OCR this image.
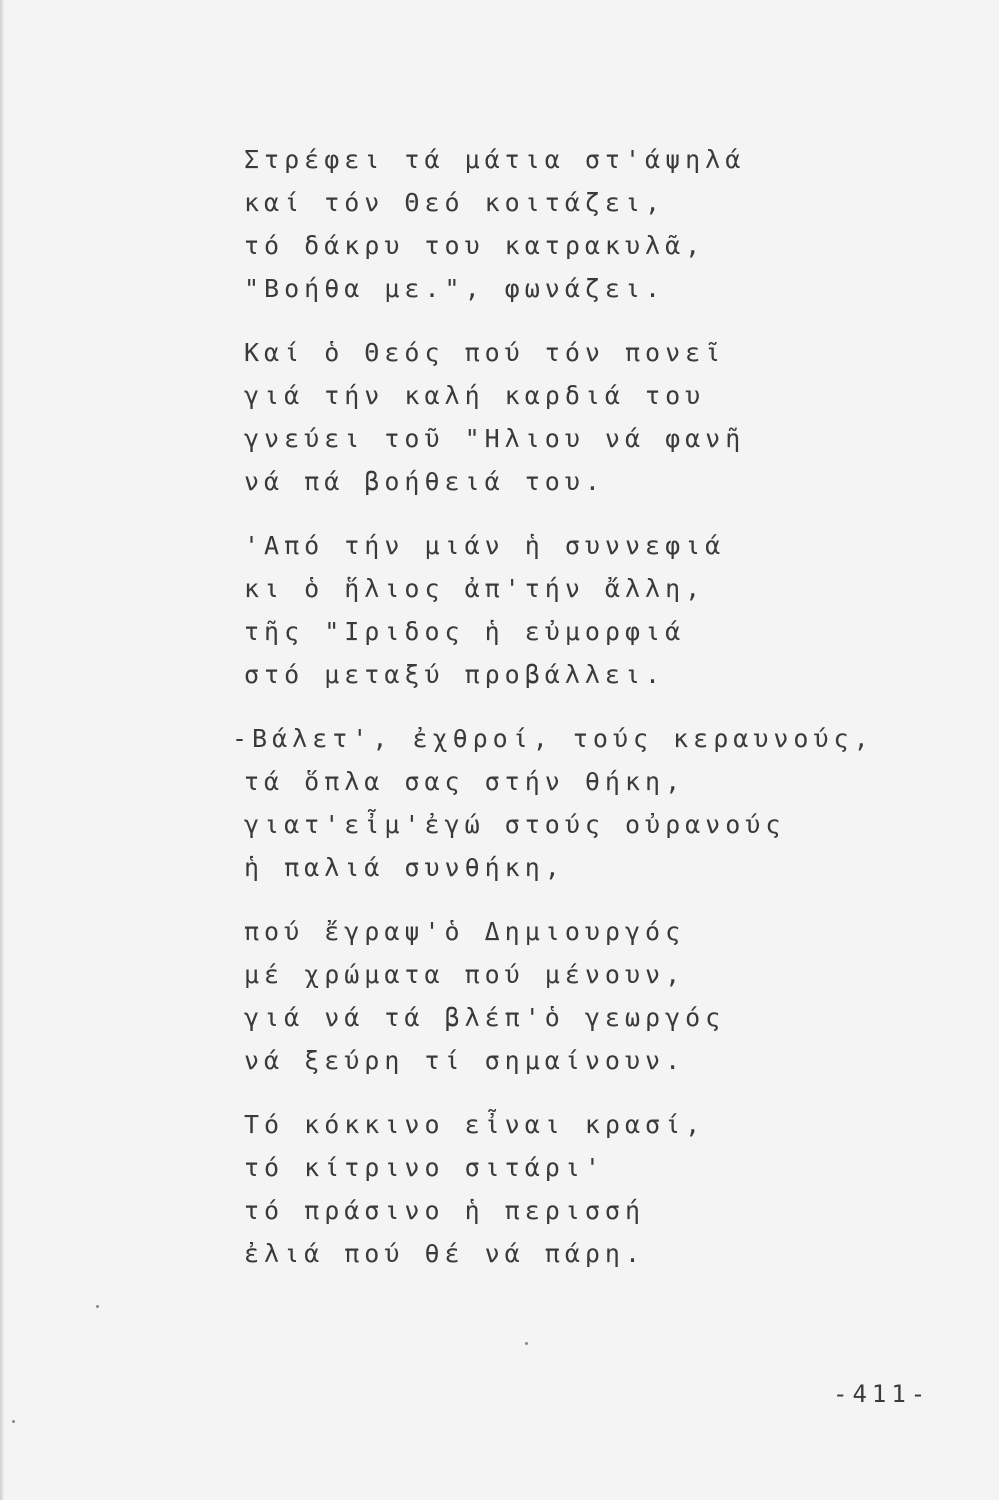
Στρέφει τά μάτια στ'άψηλά
καί τόν Θεό κοιτάζει,
τό δάκρυ του κατρακυλᾶ,
"Βοήθα με.", φωνάζει.
Καί ὁ Θεός πού τόν πονεῖ
γιά τήν καλή καρδιά του
γνεύει τοῦ "Ηλιου νά φανῆ
νά πά βοήθειά του.
'Από τήν μιάν ἡ συννεφιά
κι ὁ ἥλιος ἀπ'τήν ἄλλη,
τῆς "Ιριδος ἡ εὐμορφιά
στό μεταξύ προβάλλει.
-Βάλετ', ἐχθροί, τούς κεραυνούς,
τά ὅπλα σας στήν θήκη,
γιατ'εἶμ'ἐγώ στούς οὐρανούς
ἡ παλιά συνθήκη,
πού ἔγραψ'ὁ Δημιουργός
μέ χρώματα πού μένουν,
γιά νά τά βλέπ'ὁ γεωργός
νά ξεύρη τί σημαίνουν.
Τό κόκκινο εἶναι κρασί,
τό κίτρινο σιτάρι'
τό πράσινο ἡ περισσή
ἐλιά πού θέ νά πάρη.
-411-
